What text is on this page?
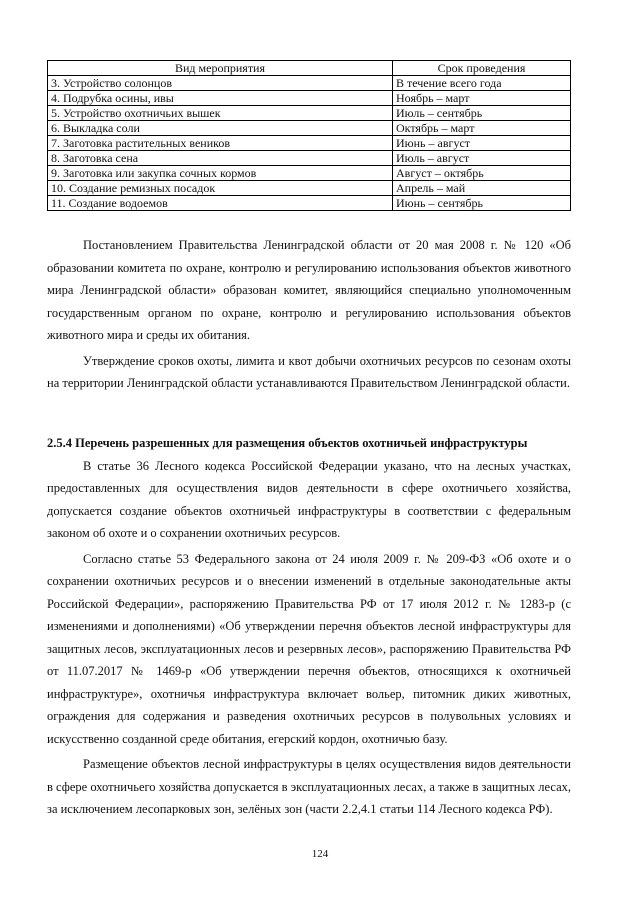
Вид мероприятия	Срок проведения
3. Устройство солонцов	В течение всего года
4. Подрубка осины, ивы	Ноябрь – март
5. Устройство охотничьих вышек	Июль – сентябрь
6. Выкладка соли	Октябрь – март
7. Заготовка растительных веников	Июнь – август
8. Заготовка сена	Июль – август
9. Заготовка или закупка сочных кормов	Август – октябрь
10. Создание ремизных посадок	Апрель – май
11. Создание водоемов	Июнь – сентябрь

Постановлением Правительства Ленинградской области от 20 мая 2008 г. № 120 «Об образовании комитета по охране, контролю и регулированию использования объектов животного мира Ленинградской области» образован комитет, являющийся специально уполномоченным государственным органом по охране, контролю и регулированию использования объектов животного мира и среды их обитания.

Утверждение сроков охоты, лимита и квот добычи охотничьих ресурсов по сезонам охоты на территории Ленинградской области устанавливаются Правительством Ленинградской области.

2.5.4 Перечень разрешенных для размещения объектов охотничьей инфраструктуры

В статье 36 Лесного кодекса Российской Федерации указано, что на лесных участках, предоставленных для осуществления видов деятельности в сфере охотничьего хозяйства, допускается создание объектов охотничьей инфраструктуры в соответствии с федеральным законом об охоте и о сохранении охотничьих ресурсов.

Согласно статье 53 Федерального закона от 24 июля 2009 г. № 209-ФЗ «Об охоте и о сохранении охотничьих ресурсов и о внесении изменений в отдельные законодательные акты Российской Федерации», распоряжению Правительства РФ от 17 июля 2012 г. № 1283-р (с изменениями и дополнениями) «Об утверждении перечня объектов лесной инфраструктуры для защитных лесов, эксплуатационных лесов и резервных лесов», распоряжению Правительства РФ от 11.07.2017 № 1469-р «Об утверждении перечня объектов, относящихся к охотничьей инфраструктуре», охотничья инфраструктура включает вольер, питомник диких животных, ограждения для содержания и разведения охотничьих ресурсов в полувольных условиях и искусственно созданной среде обитания, егерский кордон, охотничью базу.

Размещение объектов лесной инфраструктуры в целях осуществления видов деятельности в сфере охотничьего хозяйства допускается в эксплуатационных лесах, а также в защитных лесах, за исключением лесопарковых зон, зелёных зон (части 2.2,4.1 статьи 114 Лесного кодекса РФ).

124
